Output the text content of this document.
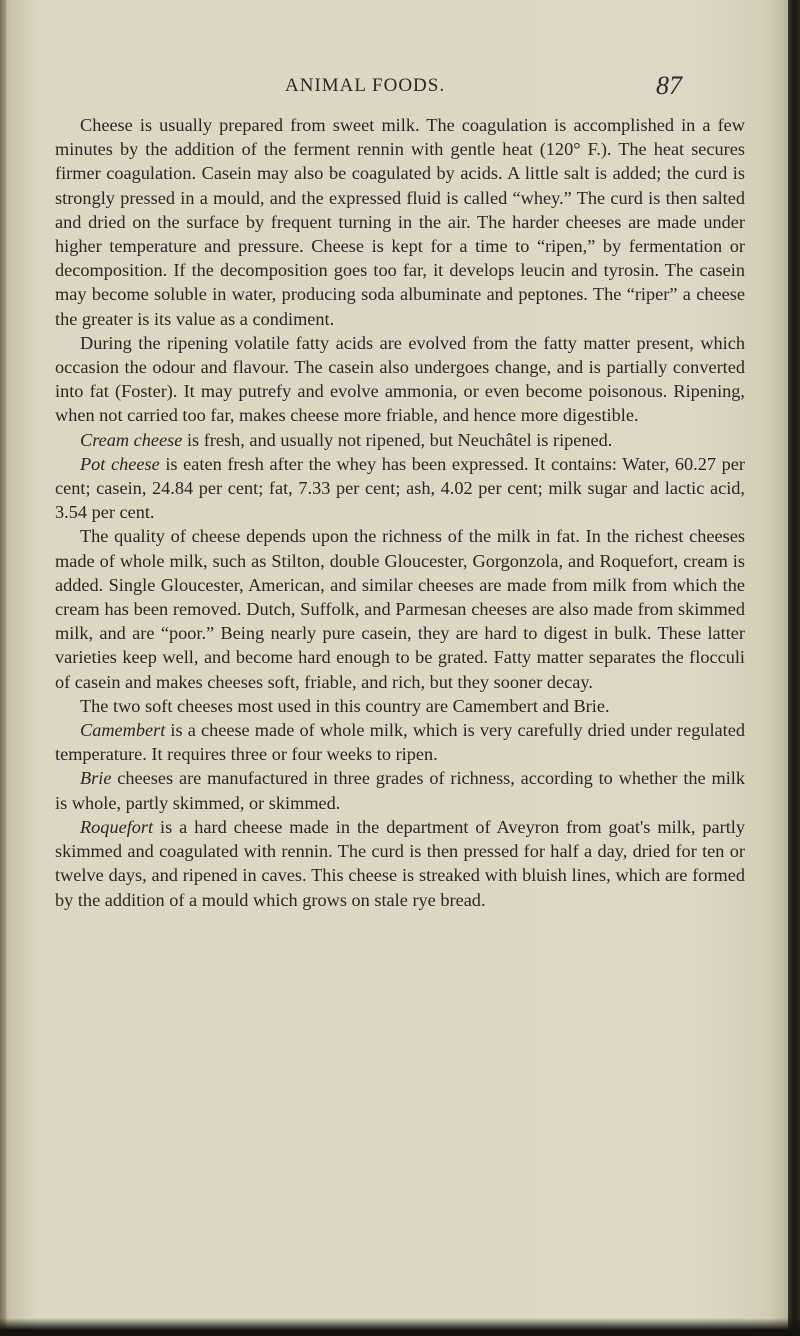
ANIMAL FOODS.	87

Cheese is usually prepared from sweet milk. The coagulation is accomplished in a few minutes by the addition of the ferment rennin with gentle heat (120° F.). The heat secures firmer coagulation. Casein may also be coagulated by acids. A little salt is added; the curd is strongly pressed in a mould, and the expressed fluid is called “whey.” The curd is then salted and dried on the surface by frequent turning in the air. The harder cheeses are made under higher temperature and pressure. Cheese is kept for a time to “ripen,” by fermentation or decomposition. If the decomposition goes too far, it develops leucin and tyrosin. The casein may become soluble in water, producing soda albuminate and peptones. The “riper” a cheese the greater is its value as a condiment.

During the ripening volatile fatty acids are evolved from the fatty matter present, which occasion the odour and flavour. The casein also undergoes change, and is partially converted into fat (Foster). It may putrefy and evolve ammonia, or even become poisonous. Ripening, when not carried too far, makes cheese more friable, and hence more digestible.

Cream cheese is fresh, and usually not ripened, but Neuchâtel is ripened.

Pot cheese is eaten fresh after the whey has been expressed. It contains: Water, 60.27 per cent; casein, 24.84 per cent; fat, 7.33 per cent; ash, 4.02 per cent; milk sugar and lactic acid, 3.54 per cent.

The quality of cheese depends upon the richness of the milk in fat. In the richest cheeses made of whole milk, such as Stilton, double Gloucester, Gorgonzola, and Roquefort, cream is added. Single Gloucester, American, and similar cheeses are made from milk from which the cream has been removed. Dutch, Suffolk, and Parmesan cheeses are also made from skimmed milk, and are “poor.” Being nearly pure casein, they are hard to digest in bulk. These latter varieties keep well, and become hard enough to be grated. Fatty matter separates the flocculi of casein and makes cheeses soft, friable, and rich, but they sooner decay.

The two soft cheeses most used in this country are Camembert and Brie.

Camembert is a cheese made of whole milk, which is very carefully dried under regulated temperature. It requires three or four weeks to ripen.

Brie cheeses are manufactured in three grades of richness, according to whether the milk is whole, partly skimmed, or skimmed.

Roquefort is a hard cheese made in the department of Aveyron from goat's milk, partly skimmed and coagulated with rennin. The curd is then pressed for half a day, dried for ten or twelve days, and ripened in caves. This cheese is streaked with bluish lines, which are formed by the addition of a mould which grows on stale rye bread.
